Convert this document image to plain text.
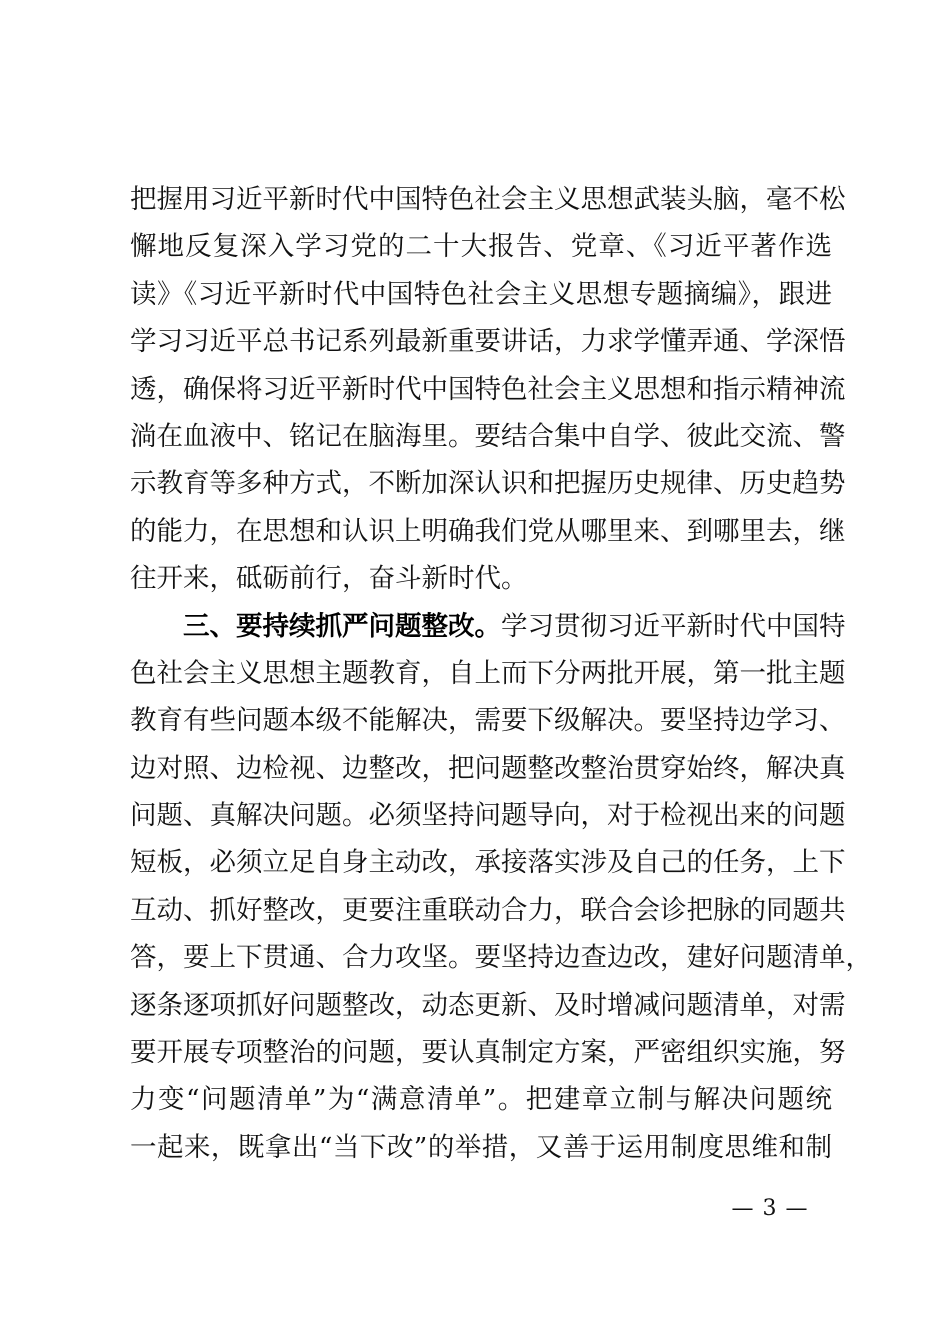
把握用习近平新时代中国特色社会主义思想武装头脑，毫不松
懈地反复深入学习党的二十大报告、党章、《习近平著作选
读》《习近平新时代中国特色社会主义思想专题摘编》，跟进
学习习近平总书记系列最新重要讲话，力求学懂弄通、学深悟
透，确保将习近平新时代中国特色社会主义思想和指示精神流
淌在血液中、铭记在脑海里。要结合集中自学、彼此交流、警
示教育等多种方式，不断加深认识和把握历史规律、历史趋势
的能力，在思想和认识上明确我们党从哪里来、到哪里去，继
往开来，砥砺前行，奋斗新时代。
　　三、要持续抓严问题整改。学习贯彻习近平新时代中国特
色社会主义思想主题教育，自上而下分两批开展，第一批主题
教育有些问题本级不能解决，需要下级解决。要坚持边学习、
边对照、边检视、边整改，把问题整改整治贯穿始终，解决真
问题、真解决问题。必须坚持问题导向，对于检视出来的问题
短板，必须立足自身主动改，承接落实涉及自己的任务，上下
互动、抓好整改，更要注重联动合力，联合会诊把脉的同题共
答，要上下贯通、合力攻坚。要坚持边查边改，建好问题清单，
逐条逐项抓好问题整改，动态更新、及时增减问题清单，对需
要开展专项整治的问题，要认真制定方案，严密组织实施，努
力变“问题清单”为“满意清单”。把建章立制与解决问题统
一起来，既拿出“当下改”的举措，又善于运用制度思维和制
— 3 —
